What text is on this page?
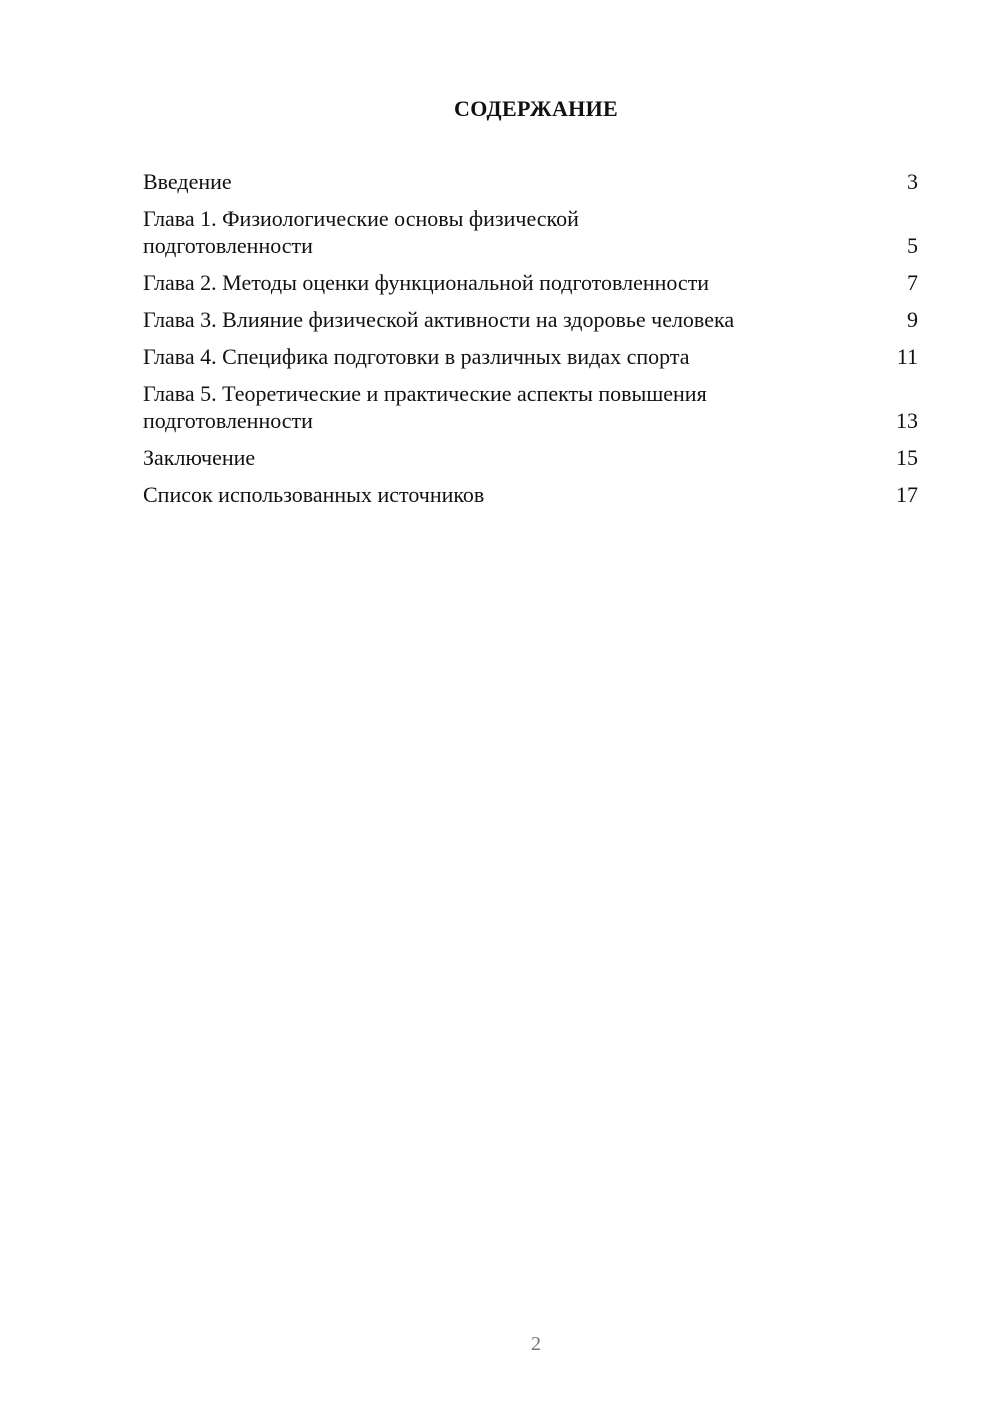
СОДЕРЖАНИЕ
Введение	3
Глава 1. Физиологические основы физической подготовленности	5
Глава 2. Методы оценки функциональной подготовленности	7
Глава 3. Влияние физической активности на здоровье человека	9
Глава 4. Специфика подготовки в различных видах спорта	11
Глава 5. Теоретические и практические аспекты повышения подготовленности	13
Заключение	15
Список использованных источников	17
2
